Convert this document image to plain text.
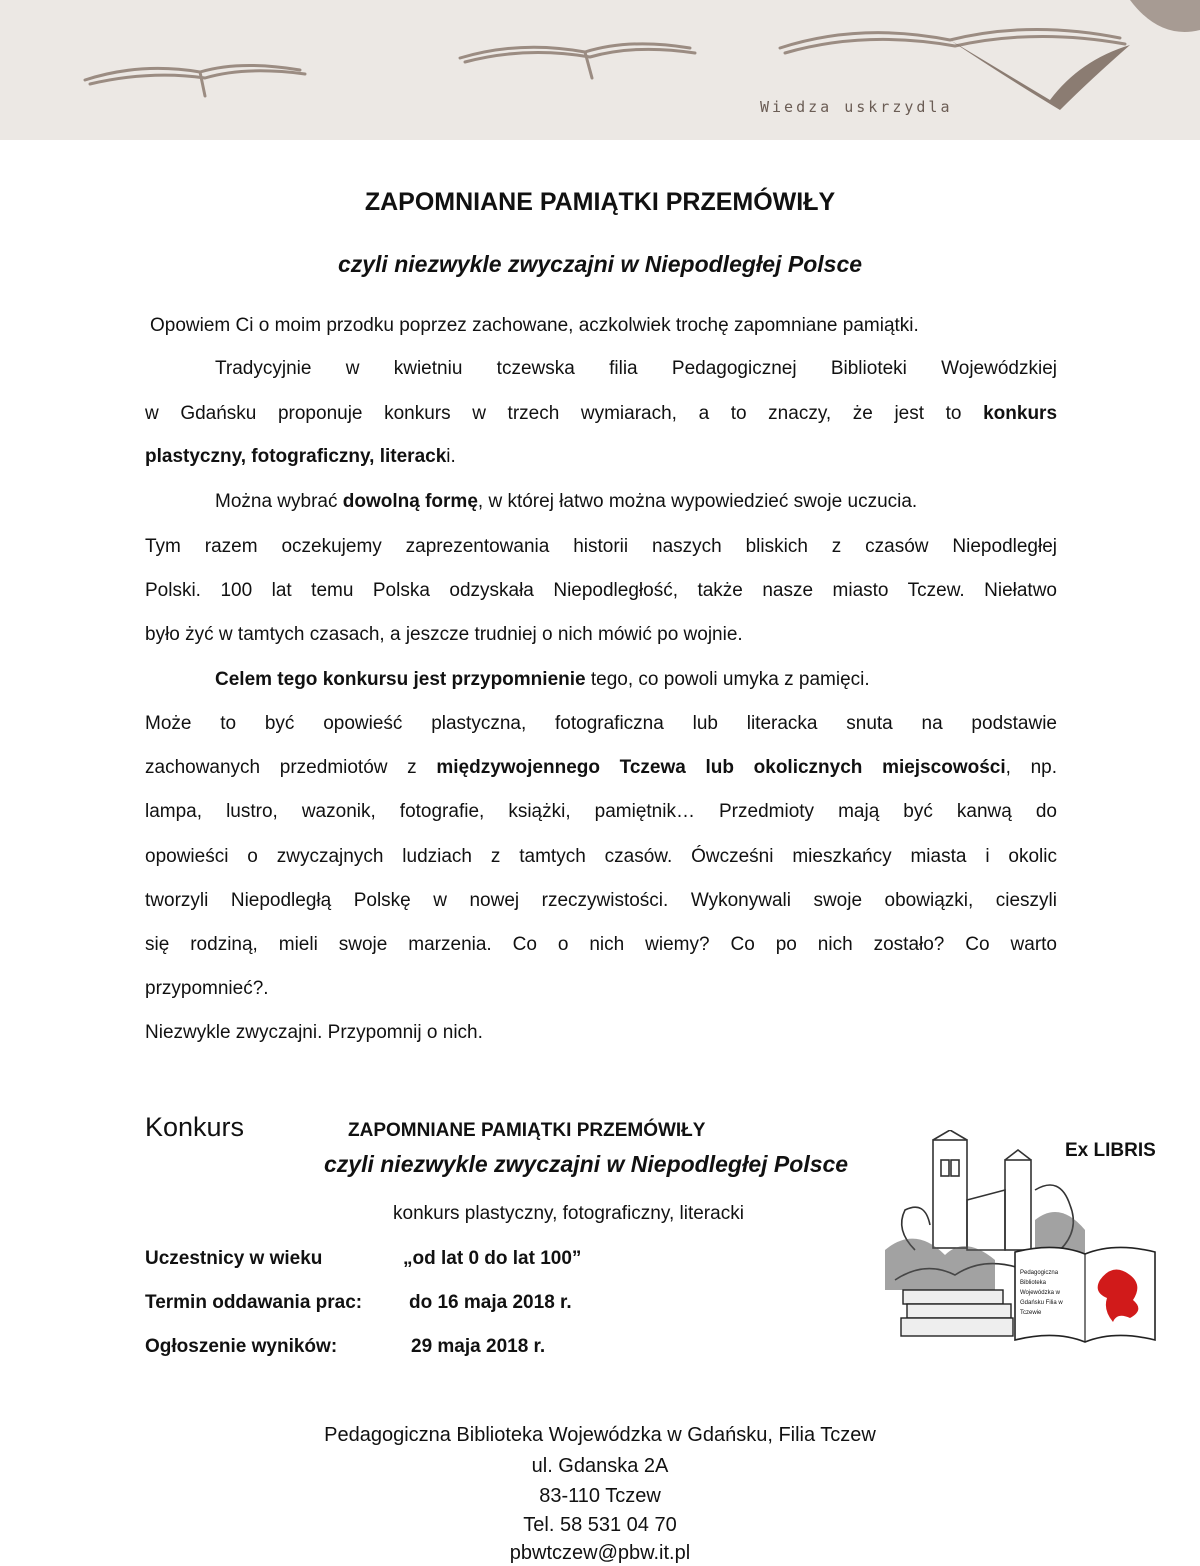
Wiedza uskrzydla
ZAPOMNIANE PAMIĄTKI PRZEMÓWIŁY
czyli niezwykle zwyczajni w Niepodległej Polsce
Opowiem Ci o moim przodku poprzez zachowane, aczkolwiek trochę zapomniane pamiątki.
Tradycyjnie w kwietniu tczewska filia Pedagogicznej Biblioteki Wojewódzkiej
w Gdańsku proponuje konkurs w trzech wymiarach, a to znaczy, że jest to konkurs
plastyczny, fotograficzny, literacki.
Można wybrać dowolną formę, w której łatwo można wypowiedzieć swoje uczucia.
Tym razem oczekujemy zaprezentowania historii naszych bliskich z czasów Niepodległej
Polski. 100 lat temu Polska odzyskała Niepodległość, także nasze miasto Tczew. Niełatwo
było żyć w tamtych czasach, a jeszcze trudniej o nich mówić po wojnie.
Celem tego konkursu jest przypomnienie tego, co powoli umyka z pamięci.
Może to być opowieść plastyczna, fotograficzna lub literacka snuta na podstawie
zachowanych przedmiotów z międzywojennego Tczewa lub okolicznych miejscowości, np.
lampa, lustro, wazonik, fotografie, książki, pamiętnik… Przedmioty mają być kanwą do
opowieści o zwyczajnych ludziach z tamtych czasów. Ówcześni mieszkańcy miasta i okolic
tworzyli Niepodległą Polskę w nowej rzeczywistości. Wykonywali swoje obowiązki, cieszyli
się rodziną, mieli swoje marzenia. Co o nich wiemy? Co po nich zostało? Co warto
przypomnieć?.
Niezwykle zwyczajni. Przypomnij o nich.
Konkurs	ZAPOMNIANE PAMIĄTKI PRZEMÓWIŁY
czyli niezwykle zwyczajni w Niepodległej Polsce
konkurs plastyczny, fotograficzny, literacki
Uczestnicy w wieku	„od lat 0 do lat 100”
Termin oddawania prac: do 16 maja 2018 r.
Ogłoszenie wyników:	29 maja 2018 r.
Ex LIBRIS
Pedagogiczna Biblioteka Wojewódzka w Gdańsku Filia w Tczewie
Pedagogiczna Biblioteka Wojewódzka w Gdańsku, Filia Tczew
ul. Gdanska 2A
83-110 Tczew
Tel. 58 531 04 70
pbwtczew@pbw.it.pl
